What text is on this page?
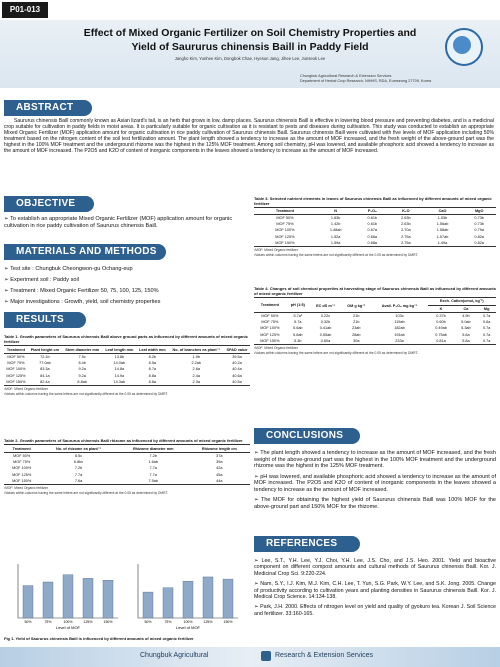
P01-013
Effect of Mixed Organic Fertilizer on Soil Chemistry Properties and
Yield of Saururus chinensis Baill in Paddy Field
Jangho Kim, Yunhee Kim, Dongbok Chae, Hyesun Jang, Jihee Lee, Junseok Lee
Chungbuk Agricultural Research & Extension Services
Department of Herbal Crop Research, NIHHS, RDA, Eumseong 27709, Korea
ABSTRACT

Saururus chinensis Baill commonly known as Asian lizard's tail, is an herb that grows in low, damp places. Saururus chinensis Baill is effective in lowering blood pressure and preventing diabetes, and is a medicinal crop suitable for cultivation in paddy fields in moist areas. It is particularly suitable for organic cultivation as it is resistant to pests and diseases during cultivation. This study was conducted to establish an appropriate Mixed Organic Fertilizer (MOF) application amount for organic cultivation in rice paddy cultivation of Saururus chinensis Baill. Saururus chinensis Baill were cultivated with five levels of MOF application including 50% treatment based on the nitrogen content of the soil test fertilization amount. The plant length showed a tendency to increase as the amount of MOF increased, and the fresh weight of the above-ground part was the highest in the 100% MOF treatment and the underground rhizome was the highest in the 125% MOF treatment. Among soil chemistry, pH was lowered, and available phosphoric acid showed a tendency to increase as the amount of MOF increased. The P2O5 and K2O of content of inorganic components in the leaves showed a tendency to increase as the amount of MOF increased.

OBJECTIVE

➢ To establish an appropriate Mixed Organic Fertilizer (MOF) application amount for organic cultivation in rice paddy cultivation of Saururus chinensis Baill.

MATERIALS AND METHODS

➢ Test site : Chungbuk Cheongwon-gu Ochang-eup

➢ Experiment soil : Paddy soil

➢ Treatment : Mixed Organic Fertilizer 50, 75, 100, 125, 150%

➢ Major investigations : Growth, yield, soil chemistry properties

RESULTS
Table 1. Growth parameters of Saururus chinensis Baill above ground parts as influenced by different amounts of mixed organic fertilizer
Treatment	Plant height cm	Stem diameter mm	Leaf length mm	Leaf width mm	No. of branches ea plant⁻¹	SPAD value
MOF 50%	72.1b	7.5c	13.8b	8.2b	1.9b	39.5a
MOF 75%	77.0ab	8.4b	14.0ab	8.5a	2.2ab	40.2a
MOF 100%	83.3a	9.2a	14.8a	8.7a	2.6a	40.4a
MOF 125%	84.1a	9.2a	14.9a	8.8a	2.4a	40.6a
MOF 150%	82.4a	8.8ab	14.3ab	8.6a	2.3a	40.5a
¹MOF: Mixed Organic fertilizer
²Values within columns having the same letters are not significantly different at the 0.05 as determined by DMRT.
Table 2. Growth parameters of Saururus chinensis Baill rhizome as influenced by different amounts of mixed organic fertilizer
Treatment	No. of rhizome ea plant⁻¹	Rhizome diameter mm	Rhizome length cm
MOF 50%	6.5c	7.2b	37a
MOF 75%	6.8bc	1.6ab	39a
MOF 100%	7.2b	7.7a	42a
MOF 125%	7.7a	7.7a	45a
MOF 150%	7.6a	7.5ab	44a
¹MOF: Mixed Organic fertilizer
²Values within columns having the same letters are not significantly different at the 0.05 as determined by DMRT.
50%	75%	100%	125%	150%
Level of MOF
50%	75%	100%	125%	150%
Level of MOF
Fig 1. Yield of Saururus chinensis Baill is influenced by different amounts of mixed organic fertilizer
Table 3. Selected nutrient elements in leaves of Saururus chinensis Baill as influenced by different amounts of mixed organic fertilizer
Treatment	N	P₂O₅	K₂O	CaO	MgO
MOF 50%	1.63b	0.61b	2.63b	1.53b	0.73b
MOF 75%	1.42b	0.61b	2.63b	1.56ab	0.73b
MOF 100%	1.48ab	0.67a	2.70a	1.58ab	0.79a
MOF 125%	1.52a	0.66a	2.75a	1.57ab	0.82a
MOF 150%	1.59a	0.68a	2.75a	1.49a	0.82a
¹MOF: Mixed Organic fertilizer
²Values within columns having the same letters are not significantly different at the 0.05 as determined by DMRT.
Table 4. Changes of soil chemical properties at harvesting stage of Saururus chinensis Baill as influenced by different amounts of mixed organic fertilizer
Treatment	pH (1:5)	EC dS m⁻¹	OM g kg⁻¹	Avail. P₂O₅ mg kg⁻¹	Exch. Cation(cmol꜀ kg⁻¹)		
					K	Ca	Mg
MOF 50%	5.7a²	0.22c	21b	103c	0.37b	4.9b	0.7a
MOF 75%	5.7a	0.32b	21b	119ab	0.60b	5.0ab	0.6a
MOF 100%	5.6ab	0.41ab	23ab	182ab	0.49ab	5.3ab	0.7a
MOF 125%	5.6ab	0.55ab	28ab	191ab	0.75ab	5.6a	0.7a
MOF 150%	5.3b	0.60a	30a	233a	0.81a	5.8a	0.7a
¹MOF: Mixed Organic fertilizer
²Values within columns having the same letters are not significantly different at the 0.05 as determined by DMRT.
CONCLUSIONS

➢ The plant length showed a tendency to increase as the amount of MOF increased, and the fresh weight of the above-ground part was the highest in the 100% MOF treatment and the underground rhizome was the highest in the 125% MOF treatment.

➢ pH was lowered, and available phosphoric acid showed a tendency to increase as the amount of MOF increased. The P2O5 and K2O of content of inorganic components in the leaves showed a tendency to increase as the amount of MOF increased.

➢ The MOF for obtaining the highest yield of Saururus chinensis Baill was 100% MOF for the above-ground part and 150% MOF for the rhizome.

REFERENCES

➢ Lee, S.T., Y.H. Lee, Y.J. Choi, Y.H. Lee, J.S. Cho, and J.S. Heo. 2001. Yield and bioactive component on different compost amounts and cultural methods of Saururus chinensis Baill. Kor. J. Medicinal Crop Sci. 9:220-224.

➢ Nam, S.Y., I.J. Kim, M.J. Kim, C.H. Lee, T. Yun, S.G. Park, W.Y. Lee, and S.K. Jong. 2005. Change of productivity according to cultivation years and planting densities in Saururus chinensis Baill. Kor. J. Medical Crop Science. 14:134-138.

➢ Park, J.H. 2000. Effects of nitrogen level on yield and quality of gyokuro tea. Korean J. Soil Science and fertilizer. 33:160-165.

Chungbuk Agricultural	Research & Extension Services
